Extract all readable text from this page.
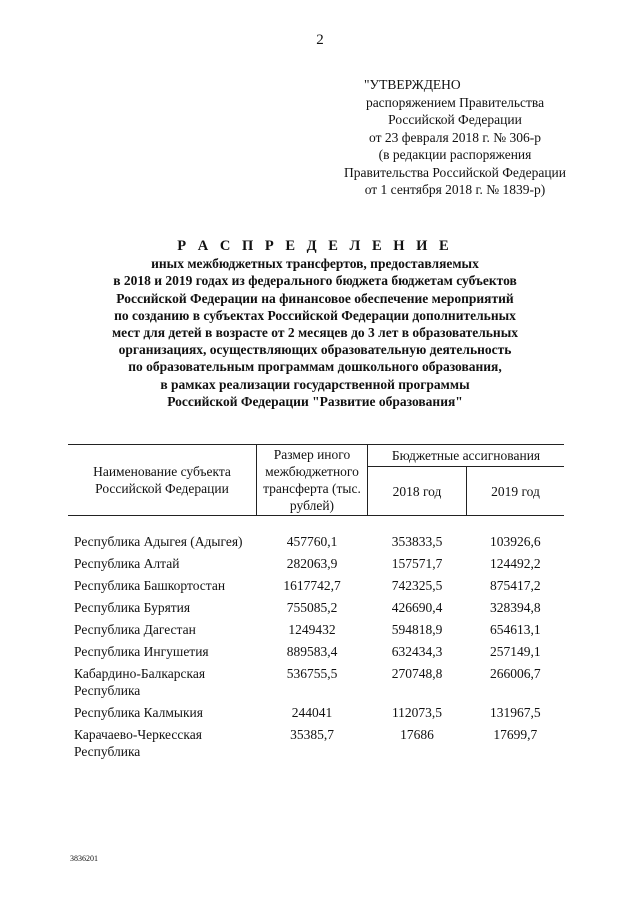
2
"УТВЕРЖДЕНО
распоряжением Правительства
Российской Федерации
от 23 февраля 2018 г. № 306-р
(в редакции распоряжения
Правительства Российской Федерации
от 1 сентября 2018 г. № 1839-р)
Р А С П Р Е Д Е Л Е Н И Е
иных межбюджетных трансфертов, предоставляемых
в 2018 и 2019 годах из федерального бюджета бюджетам субъектов
Российской Федерации на финансовое обеспечение мероприятий
по созданию в субъектах Российской Федерации дополнительных
мест для детей в возрасте от 2 месяцев до 3 лет в образовательных
организациях, осуществляющих образовательную деятельность
по образовательным программам дошкольного образования,
в рамках реализации государственной программы
Российской Федерации "Развитие образования"
Наименование субъекта Российской Федерации	Размер иного межбюджетного трансферта (тыс. рублей)	Бюджетные ассигнования	
		2018 год	2019 год
Республика Адыгея (Адыгея)	457760,1	353833,5	103926,6
Республика Алтай	282063,9	157571,7	124492,2
Республика Башкортостан	1617742,7	742325,5	875417,2
Республика Бурятия	755085,2	426690,4	328394,8
Республика Дагестан	1249432	594818,9	654613,1
Республика Ингушетия	889583,4	632434,3	257149,1
Кабардино-Балкарская Республика	536755,5	270748,8	266006,7
Республика Калмыкия	244041	112073,5	131967,5
Карачаево-Черкесская Республика	35385,7	17686	17699,7
3836201
